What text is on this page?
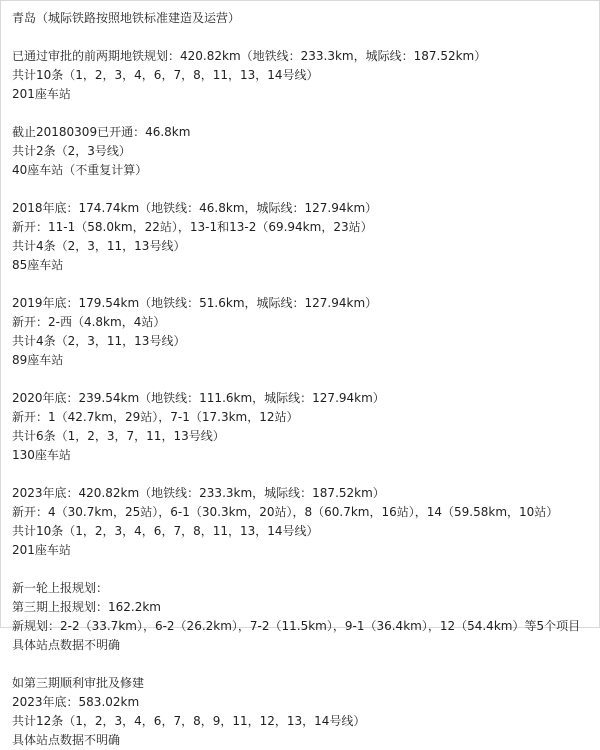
青岛（城际铁路按照地铁标准建造及运营）
已通过审批的前两期地铁规划：420.82km（地铁线：233.3km，城际线：187.52km）
共计10条（1，2，3，4，6，7，8，11，13，14号线）
201座车站
截止20180309已开通：46.8km
共计2条（2，3号线）
40座车站（不重复计算）
2018年底：174.74km（地铁线：46.8km，城际线：127.94km）
新开：11-1（58.0km，22站），13-1和13-2（69.94km，23站）
共计4条（2，3，11，13号线）
85座车站
2019年底：179.54km（地铁线：51.6km，城际线：127.94km）
新开：2-西（4.8km，4站）
共计4条（2，3，11，13号线）
89座车站
2020年底：239.54km（地铁线：111.6km，城际线：127.94km）
新开：1（42.7km，29站），7-1（17.3km，12站）
共计6条（1，2，3，7，11，13号线）
130座车站
2023年底：420.82km（地铁线：233.3km，城际线：187.52km）
新开：4（30.7km，25站），6-1（30.3km，20站），8（60.7km，16站），14（59.58km，10站）
共计10条（1，2，3，4，6，7，8，11，13，14号线）
201座车站
新一轮上报规划：
第三期上报规划：162.2km
新规划：2-2（33.7km），6-2（26.2km），7-2（11.5km），9-1（36.4km），12（54.4km）等5个项目
具体站点数据不明确
如第三期顺利审批及修建
2023年底：583.02km
共计12条（1，2，3，4，6，7，8，9，11，12，13，14号线）
具体站点数据不明确
